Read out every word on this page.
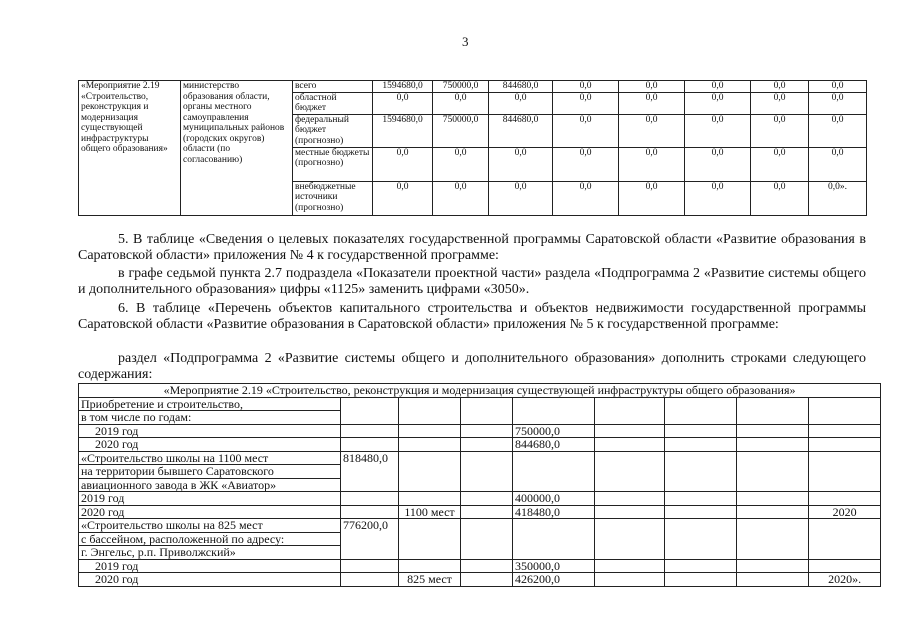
3
«Мероприятие 2.19 «Строительство, реконструкция и модернизация существующей инфраструктуры общего образования»	министерство образования области, органы местного самоуправления муниципальных районов (городских округов) области (по согласованию)	всего	1594680,0	750000,0	844680,0	0,0	0,0	0,0	0,0	0,0
		областной бюджет	0,0	0,0	0,0	0,0	0,0	0,0	0,0	0,0
		федеральный бюджет (прогнозно)	1594680,0	750000,0	844680,0	0,0	0,0	0,0	0,0	0,0
		местные бюджеты (прогнозно)	0,0	0,0	0,0	0,0	0,0	0,0	0,0	0,0
		внебюджетные источники (прогнозно)	0,0	0,0	0,0	0,0	0,0	0,0	0,0	0,0».
5. В таблице «Сведения о целевых показателях государственной программы Саратовской области «Развитие образования в Саратовской области» приложения № 4 к государственной программе:
в графе седьмой пункта 2.7 подраздела «Показатели проектной части» раздела «Подпрограмма 2 «Развитие системы общего и дополнительного образования» цифры «1125» заменить цифрами «3050».
6. В таблице «Перечень объектов капитального строительства и объектов недвижимости государственной программы Саратовской области «Развитие образования в Саратовской области» приложения № 5 к государственной программе:
раздел «Подпрограмма 2 «Развитие системы общего и дополнительного образования» дополнить строками следующего содержания:
«Мероприятие 2.19 «Строительство, реконструкция и модернизация существующей инфраструктуры общего образования»								
Приобретение и строительство,								
в том числе по годам:								
2019 год				750000,0				
2020 год				844680,0				
«Строительство школы на 1100 мест	818480,0							
на территории бывшего Саратовского								
авиационного завода в ЖК «Авиатор»								
2019 год				400000,0				
2020 год		1100 мест		418480,0				2020
«Строительство школы на 825 мест	776200,0							
с бассейном, расположенной по адресу:								
г. Энгельс, р.п. Приволжский»								
2019 год				350000,0				
2020 год		825 мест		426200,0				2020».
